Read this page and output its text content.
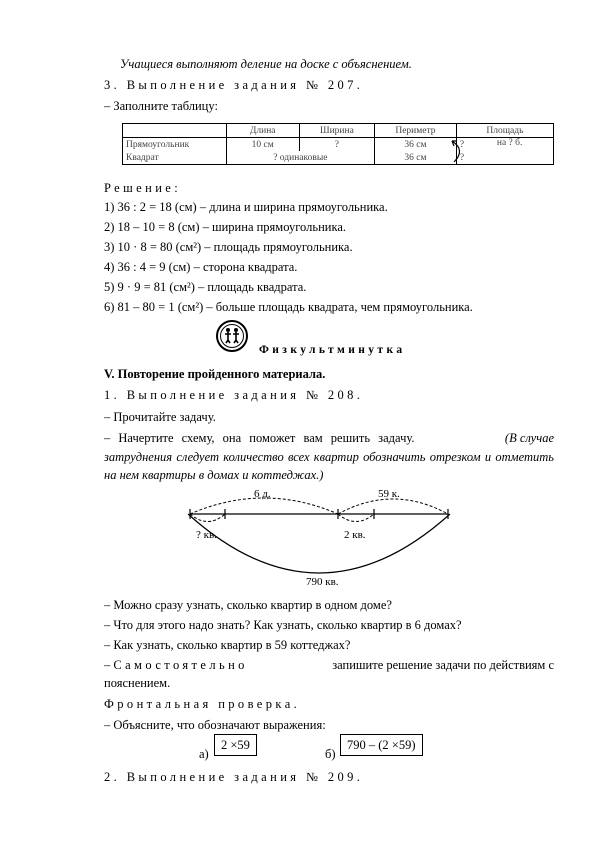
Учащиеся выполняют деление на доске с объяснением.
3. Выполнение задания № 207.
– Заполните таблицу:
	Длина	Ширина	Периметр	Площадь
Прямоугольник	10 см	?	36 см	? на ? б.

Квадрат	? одинаковые		36 см	?
Решение:
1) 36 : 2 = 18 (см) – длина и ширина прямоугольника.
2) 18 – 10 = 8 (см) – ширина прямоугольника.
3) 10 · 8 = 80 (см²) – площадь прямоугольника.
4) 36 : 4 = 9 (см) – сторона квадрата.
5) 9 · 9 = 81 (см²) – площадь квадрата.
6) 81 – 80 = 1 (см²) – больше площадь квадрата, чем прямоугольника.
Физкультминутка
V. Повторение пройденного материала.
1. Выполнение задания № 208.
– Прочитайте задачу.
– Начертите схему, она поможет вам решить задачу.	(В случае
затруднения следует количество всех квартир обозначить отрезком и отметить на нем квартиры в домах и коттеджах.)
6 д.	59 к.
? кв.	2 кв.
790 кв.
– Можно сразу узнать, сколько квартир в одном доме?
– Что для этого надо знать? Как узнать, сколько квартир в 6 домах?
– Как узнать, сколько квартир в 59 коттеджах?
– Самостоятельно	запишите решение задачи по действиям с
пояснением.
Фронтальная проверка.
– Объясните, что обозначают выражения:
а)
2 ×59
б)
790 – (2 ×59)
2. Выполнение задания № 209.
